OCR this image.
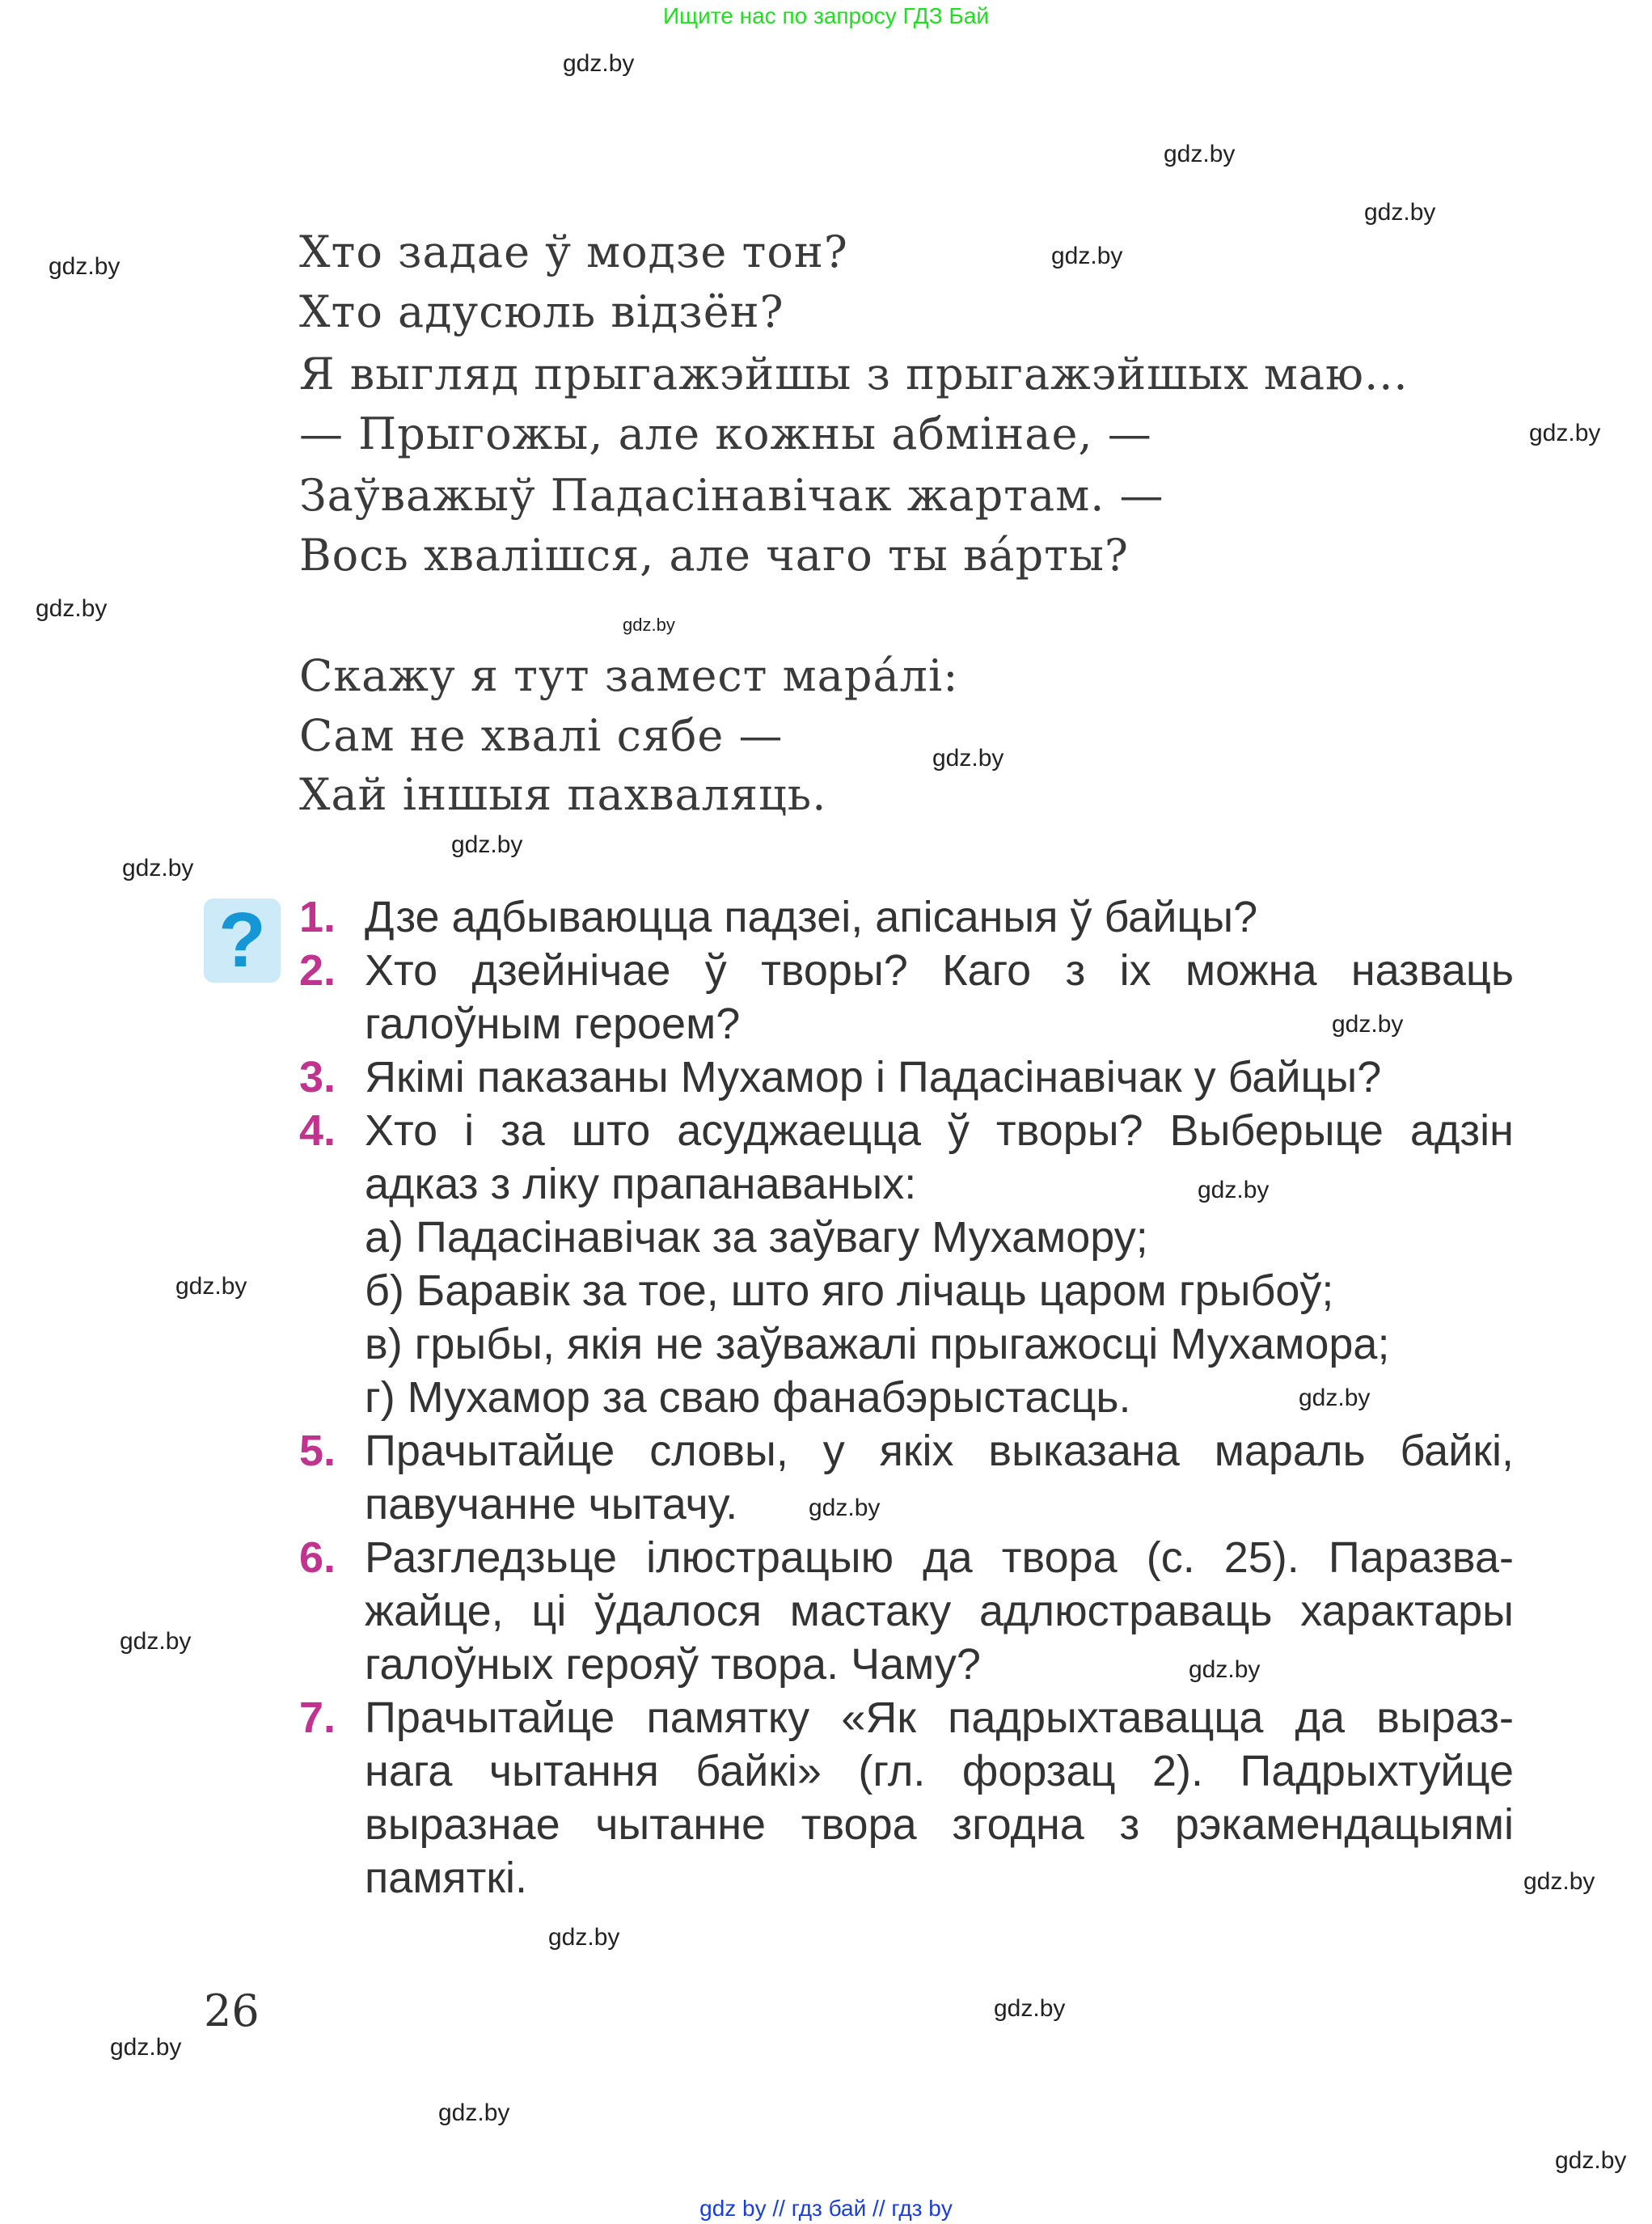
Ищите нас по запросу ГДЗ Бай
Хто задае ў модзе тон?
Хто адусюль відзён?
Я выгляд прыгажэйшы з прыгажэйшых маю...
— Прыгожы, але кожны абмінае, —
Заўважыў Падасінавічак жартам. —
Вось хвалішся, але чаго ты ва́рты?
Скажу я тут замест мара́лі:
Сам не хвалі сябе —
Хай іншыя пахваляць.
? 1. Дзе адбываюцца падзеі, апісаныя ў байцы?
2. Хто дзейнічае ў творы? Каго з іх можна назваць
галоўным героем?
3. Якімі паказаны Мухамор і Падасінавічак у байцы?
4. Хто і за што асуджаецца ў творы? Выберыце адзін
адказ з ліку прапанаваных:
а) Падасінавічак за заўвагу Мухамору;
б) Баравік за тое, што яго лічаць царом грыбоў;
в) грыбы, якія не заўважалі прыгажосці Мухамора;
г) Мухамор за сваю фанабэрыстасць.
5. Прачытайце словы, у якіх выказана мараль байкі,
павучанне чытачу.
6. Разгледзьце ілюстрацыю да твора (с. 25). Паразва-
жайце, ці ўдалося мастаку адлюстраваць характары
галоўных герояў твора. Чаму?
7. Прачытайце памятку «Як падрыхтавацца да выраз-
нага чытання байкі» (гл. форзац 2). Падрыхтуйце
выразнае чытанне твора згодна з рэкамендацыямі
памяткі.
26
gdz.by
gdz.by
gdz.by
gdz.by	gdz.by
gdz.by
gdz.by
gdz.by
gdz.by
gdz.by
gdz.by
gdz.by
gdz.by
gdz.by
gdz.by
gdz.by
gdz.by
gdz.by
gdz.by
gdz.by
gdz.by
gdz.by
gdz.by
gdz.by
gdz by // гдз бай // гдз by
